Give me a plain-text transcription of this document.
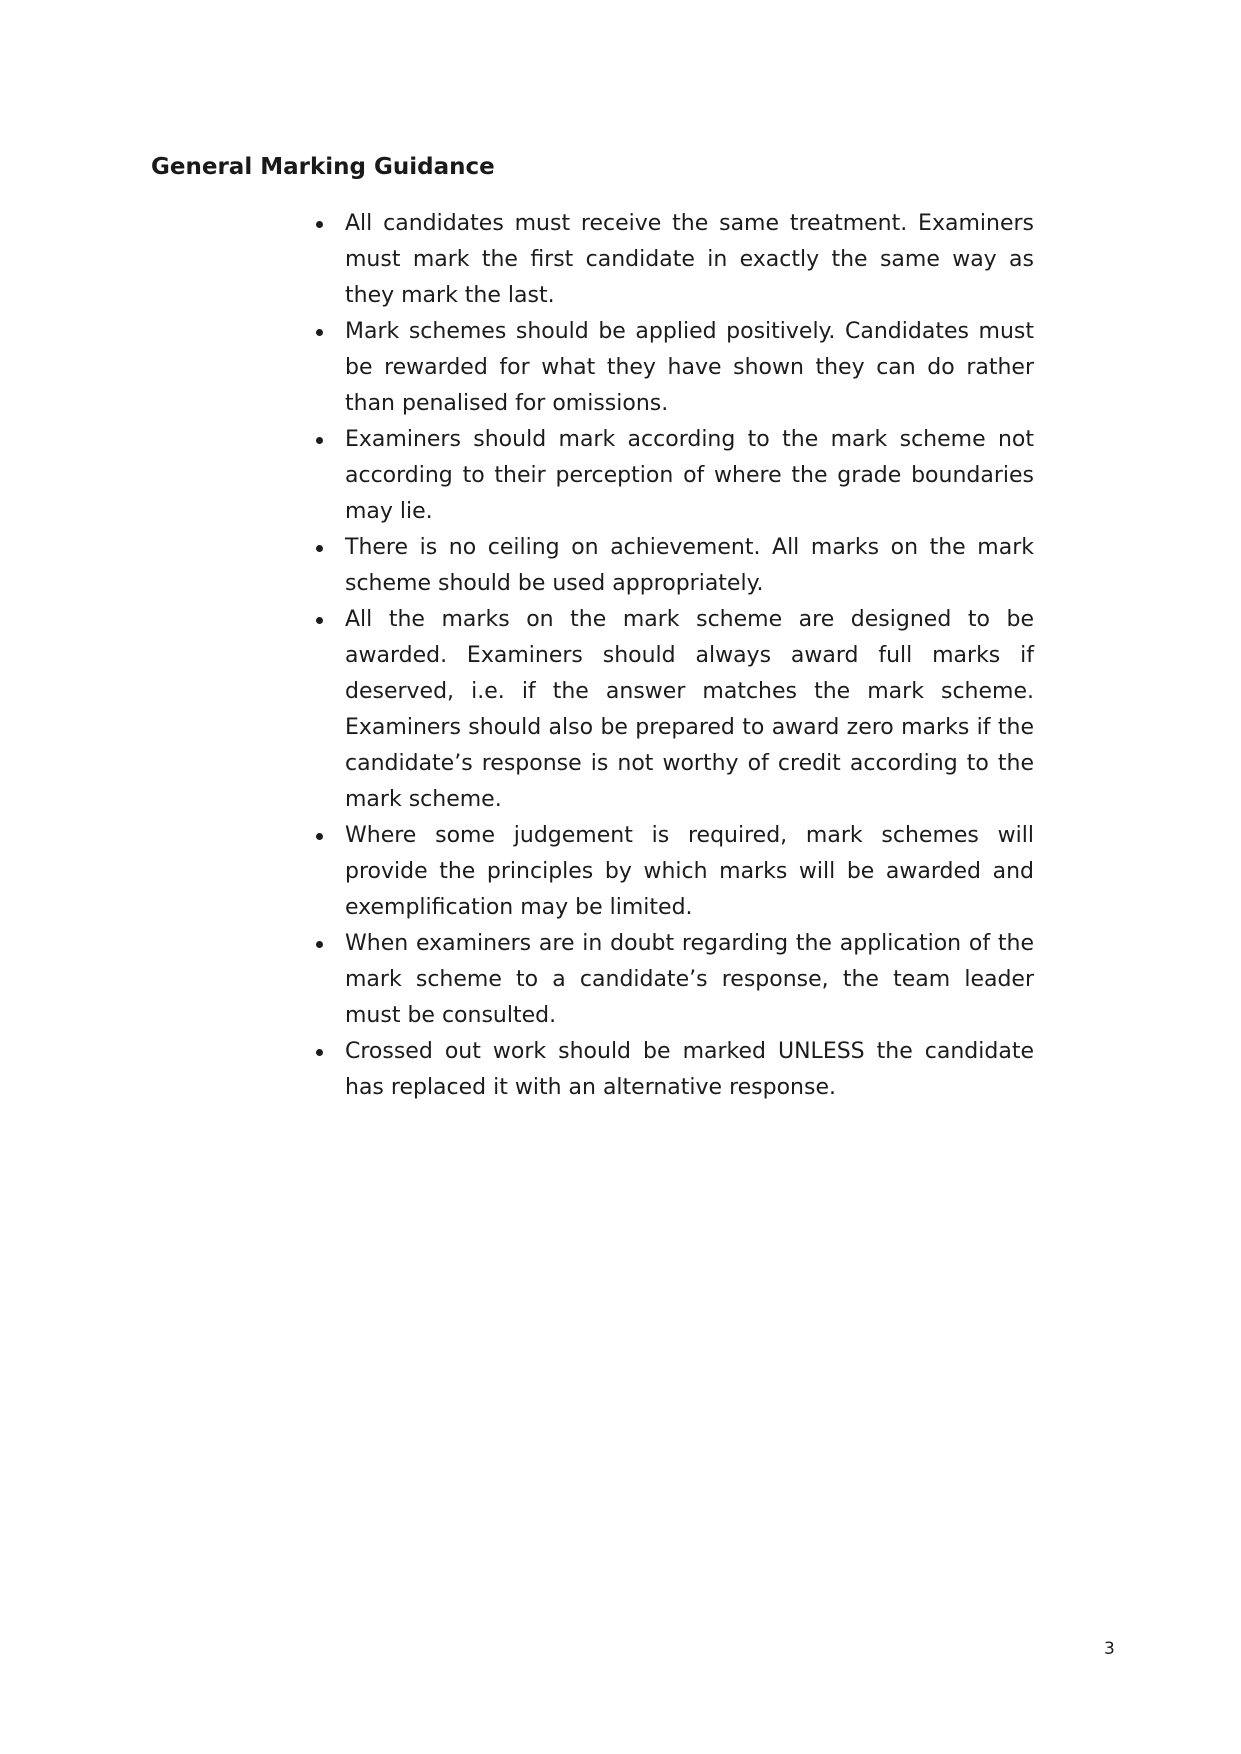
General Marking Guidance
All candidates must receive the same treatment. Examiners must mark the first candidate in exactly the same way as they mark the last.
Mark schemes should be applied positively. Candidates must be rewarded for what they have shown they can do rather than penalised for omissions.
Examiners should mark according to the mark scheme not according to their perception of where the grade boundaries may lie.
There is no ceiling on achievement. All marks on the mark scheme should be used appropriately.
All the marks on the mark scheme are designed to be awarded. Examiners should always award full marks if deserved, i.e. if the answer matches the mark scheme. Examiners should also be prepared to award zero marks if the candidate’s response is not worthy of credit according to the mark scheme.
Where some judgement is required, mark schemes will provide the principles by which marks will be awarded and exemplification may be limited.
When examiners are in doubt regarding the application of the mark scheme to a candidate’s response, the team leader must be consulted.
Crossed out work should be marked UNLESS the candidate has replaced it with an alternative response.
3
